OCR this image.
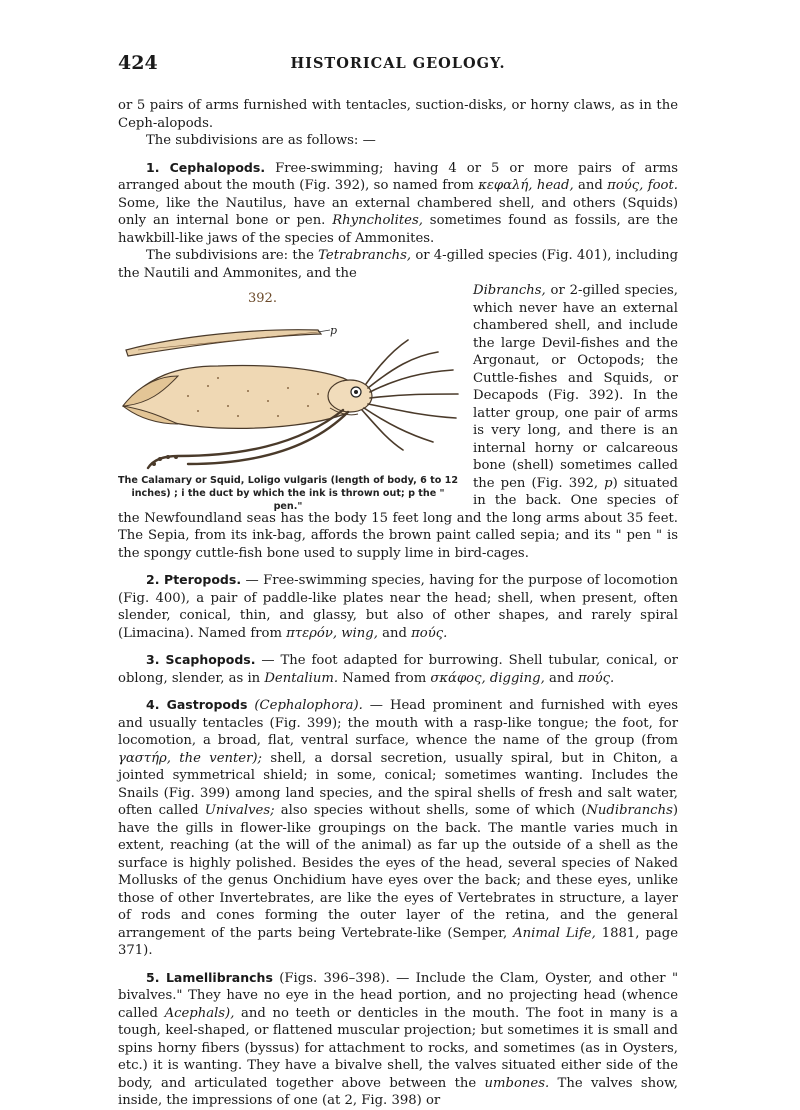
424	HISTORICAL GEOLOGY.

or 5 pairs of arms furnished with tentacles, suction-disks, or horny claws, as in the Ceph-alopods.

The subdivisions are as follows: —

1. Cephalopods. Free-swimming; having 4 or 5 or more pairs of arms arranged about the mouth (Fig. 392), so named from κεφαλή, head, and πούς, foot. Some, like the Nautilus, have an external chambered shell, and others (Squids) only an internal bone or pen. Rhyncholites, sometimes found as fossils, are the hawkbill-like jaws of the species of Ammonites.

The subdivisions are: the Tetrabranchs, or 4-gilled species (Fig. 401), including the Nautili and Ammonites, and the

392.
p
The Calamary or Squid, Loligo vulgaris (length of body, 6 to 12
inches) ; i the duct by which the ink is thrown out; p the " pen."

Dibranchs, or 2-gilled species, which never have an external chambered shell, and include the large Devil-fishes and the Argonaut, or Octopods; the Cuttle-fishes and Squids, or Decapods (Fig. 392). In the latter group, one pair of arms is very long, and there is an internal horny or calcareous bone (shell) sometimes called the pen (Fig. 392, p) situated in the back. One species of the Newfoundland seas has the body 15 feet long and the long arms about 35 feet. The Sepia, from its ink-bag, affords the brown paint called sepia; and its " pen " is the spongy cuttle-fish bone used to supply lime in bird-cages.

2. Pteropods. — Free-swimming species, having for the purpose of locomotion (Fig. 400), a pair of paddle-like plates near the head; shell, when present, often slender, conical, thin, and glassy, but also of other shapes, and rarely spiral (Limacina). Named from πτερόν, wing, and πούς.

3. Scaphopods. — The foot adapted for burrowing. Shell tubular, conical, or oblong, slender, as in Dentalium. Named from σκάφος, digging, and πούς.

4. Gastropods (Cephalophora). — Head prominent and furnished with eyes and usually tentacles (Fig. 399); the mouth with a rasp-like tongue; the foot, for locomotion, a broad, flat, ventral surface, whence the name of the group (from γαστήρ, the venter); shell, a dorsal secretion, usually spiral, but in Chiton, a jointed symmetrical shield; in some, conical; sometimes wanting. Includes the Snails (Fig. 399) among land species, and the spiral shells of fresh and salt water, often called Univalves; also species without shells, some of which (Nudibranchs) have the gills in flower-like groupings on the back. The mantle varies much in extent, reaching (at the will of the animal) as far up the outside of a shell as the surface is highly polished. Besides the eyes of the head, several species of Naked Mollusks of the genus Onchidium have eyes over the back; and these eyes, unlike those of other Invertebrates, are like the eyes of Vertebrates in structure, a layer of rods and cones forming the outer layer of the retina, and the general arrangement of the parts being Vertebrate-like (Semper, Animal Life, 1881, page 371).

5. Lamellibranchs (Figs. 396–398). — Include the Clam, Oyster, and other " bivalves." They have no eye in the head portion, and no projecting head (whence called Acephals), and no teeth or denticles in the mouth. The foot in many is a tough, keel-shaped, or flattened muscular projection; but sometimes it is small and spins horny fibers (byssus) for attachment to rocks, and sometimes (as in Oysters, etc.) it is wanting. They have a bivalve shell, the valves situated either side of the body, and articulated together above between the umbones. The valves show, inside, the impressions of one (at 2, Fig. 398) or
